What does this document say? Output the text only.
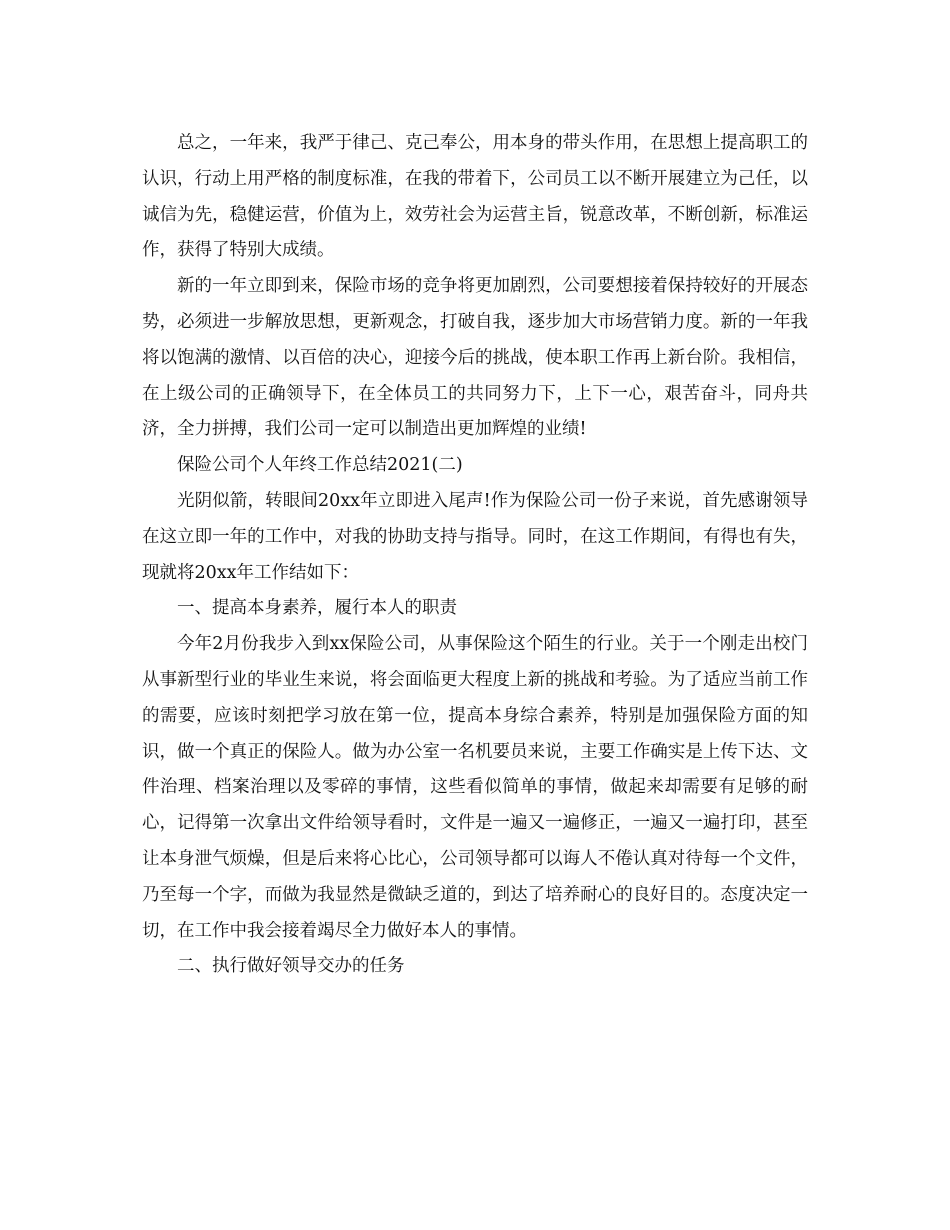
总之，一年来，我严于律己、克己奉公，用本身的带头作用，在思想上提高职工的认识，行动上用严格的制度标准，在我的带着下，公司员工以不断开展建立为己任，以诚信为先，稳健运营，价值为上，效劳社会为运营主旨，锐意改革，不断创新，标准运作，获得了特别大成绩。

新的一年立即到来，保险市场的竞争将更加剧烈，公司要想接着保持较好的开展态势，必须进一步解放思想，更新观念，打破自我，逐步加大市场营销力度。新的一年我将以饱满的激情、以百倍的决心，迎接今后的挑战，使本职工作再上新台阶。我相信，在上级公司的正确领导下，在全体员工的共同努力下，上下一心，艰苦奋斗，同舟共济，全力拼搏，我们公司一定可以制造出更加辉煌的业绩!

保险公司个人年终工作总结2021(二)

光阴似箭，转眼间20xx年立即进入尾声!作为保险公司一份子来说，首先感谢领导在这立即一年的工作中，对我的协助支持与指导。同时，在这工作期间，有得也有失，现就将20xx年工作结如下：

一、提高本身素养，履行本人的职责

今年2月份我步入到xx保险公司，从事保险这个陌生的行业。关于一个刚走出校门从事新型行业的毕业生来说，将会面临更大程度上新的挑战和考验。为了适应当前工作的需要，应该时刻把学习放在第一位，提高本身综合素养，特别是加强保险方面的知识，做一个真正的保险人。做为办公室一名机要员来说，主要工作确实是上传下达、文件治理、档案治理以及零碎的事情，这些看似简单的事情，做起来却需要有足够的耐心，记得第一次拿出文件给领导看时，文件是一遍又一遍修正，一遍又一遍打印，甚至让本身泄气烦燥，但是后来将心比心，公司领导都可以诲人不倦认真对待每一个文件，乃至每一个字，而做为我显然是微缺乏道的，到达了培养耐心的良好目的。态度决定一切，在工作中我会接着竭尽全力做好本人的事情。

二、执行做好领导交办的任务
